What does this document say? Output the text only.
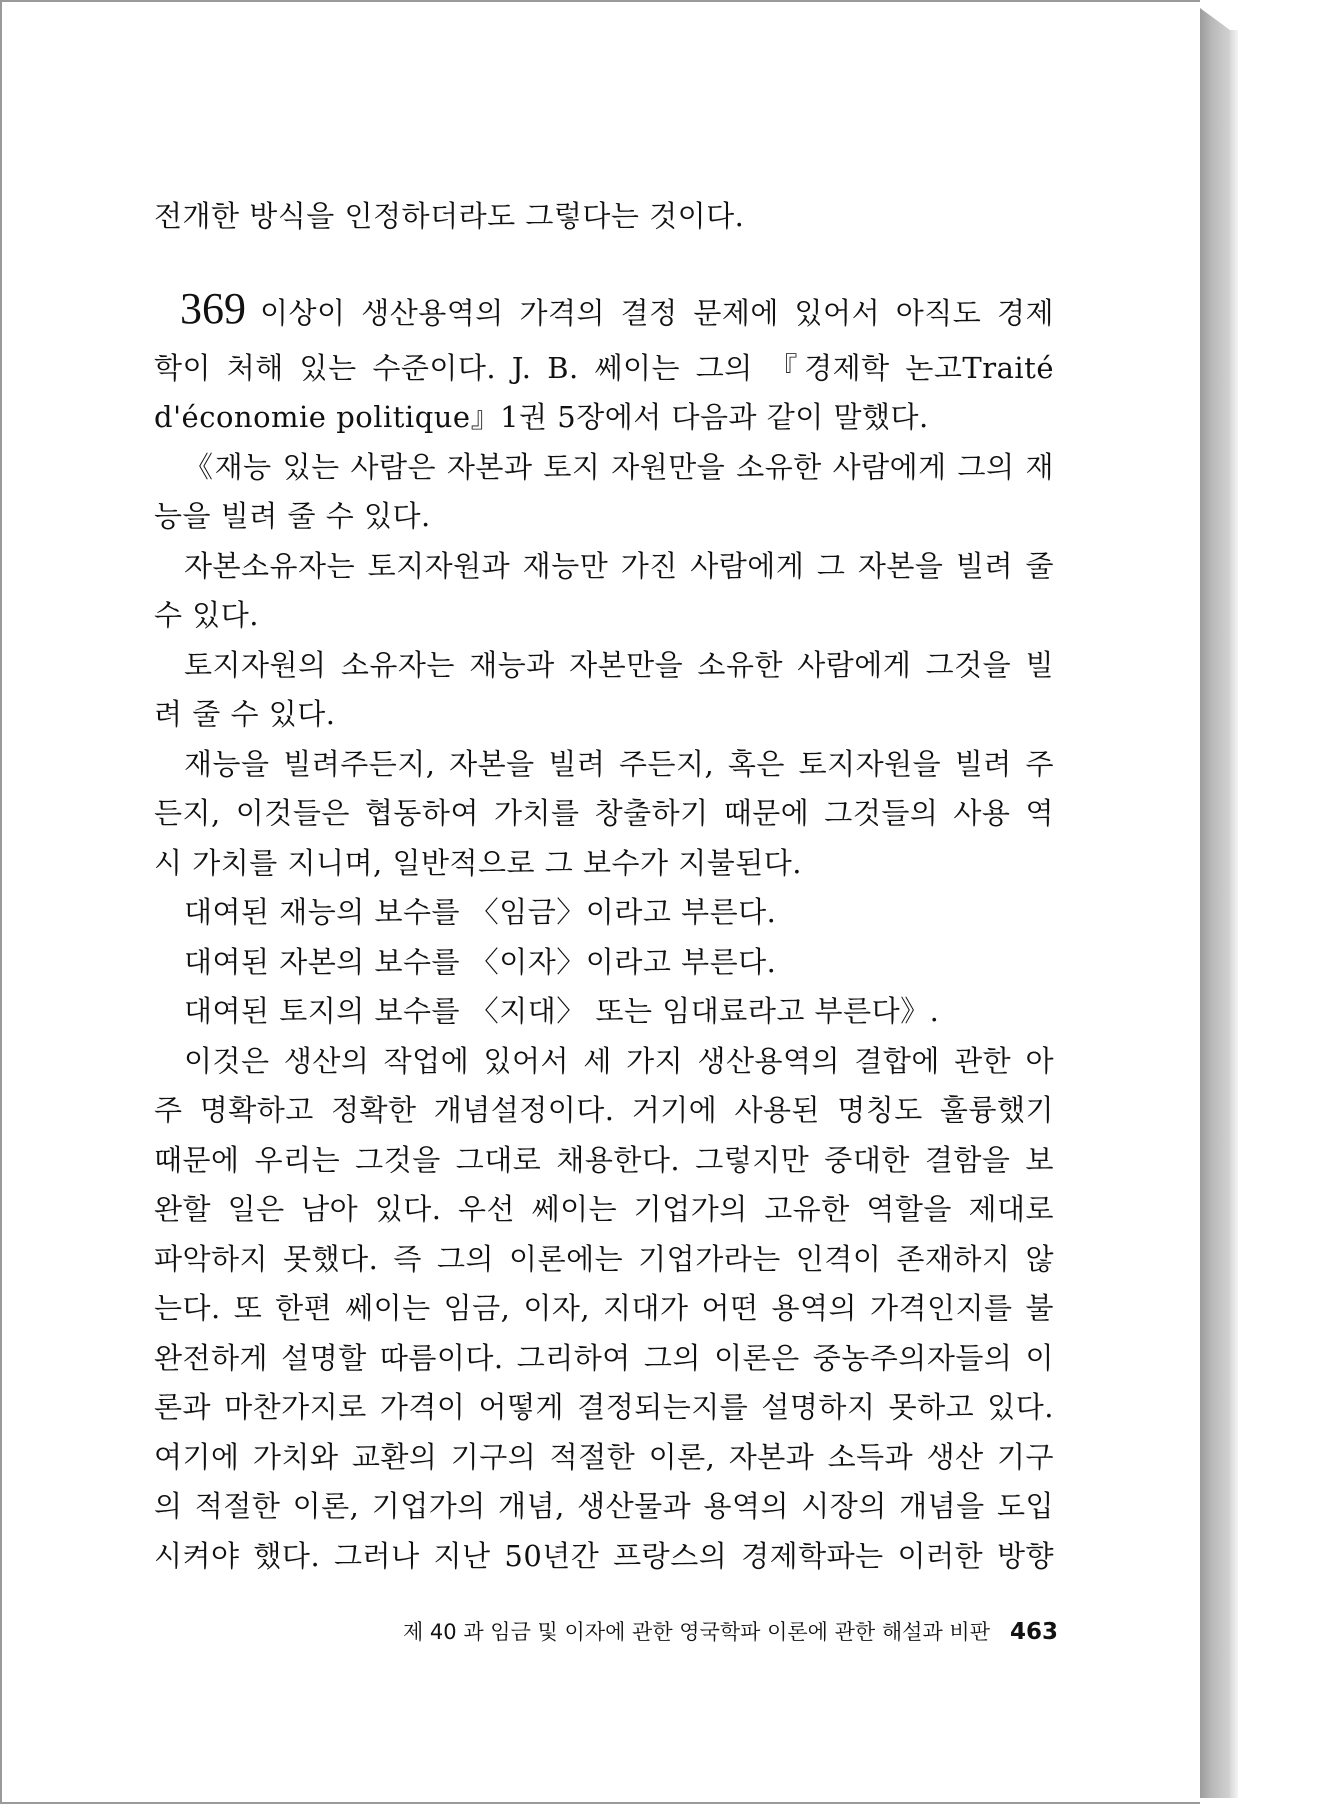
전개한 방식을 인정하더라도 그렇다는 것이다.
369 이상이 생산용역의 가격의 결정 문제에 있어서 아직도 경제
학이 처해 있는 수준이다. J. B. 쎄이는 그의 『경제학 논고Traité
d'économie politique』1권 5장에서 다음과 같이 말했다.
《재능 있는 사람은 자본과 토지 자원만을 소유한 사람에게 그의 재
능을 빌려 줄 수 있다.
자본소유자는 토지자원과 재능만 가진 사람에게 그 자본을 빌려 줄
수 있다.
토지자원의 소유자는 재능과 자본만을 소유한 사람에게 그것을 빌
려 줄 수 있다.
재능을 빌려주든지, 자본을 빌려 주든지, 혹은 토지자원을 빌려 주
든지, 이것들은 협동하여 가치를 창출하기 때문에 그것들의 사용 역
시 가치를 지니며, 일반적으로 그 보수가 지불된다.
대여된 재능의 보수를 〈임금〉이라고 부른다.
대여된 자본의 보수를 〈이자〉이라고 부른다.
대여된 토지의 보수를 〈지대〉 또는 임대료라고 부른다》.
이것은 생산의 작업에 있어서 세 가지 생산용역의 결합에 관한 아
주 명확하고 정확한 개념설정이다. 거기에 사용된 명칭도 훌륭했기
때문에 우리는 그것을 그대로 채용한다. 그렇지만 중대한 결함을 보
완할 일은 남아 있다. 우선 쎄이는 기업가의 고유한 역할을 제대로
파악하지 못했다. 즉 그의 이론에는 기업가라는 인격이 존재하지 않
는다. 또 한편 쎄이는 임금, 이자, 지대가 어떤 용역의 가격인지를 불
완전하게 설명할 따름이다. 그리하여 그의 이론은 중농주의자들의 이
론과 마찬가지로 가격이 어떻게 결정되는지를 설명하지 못하고 있다.
여기에 가치와 교환의 기구의 적절한 이론, 자본과 소득과 생산 기구
의 적절한 이론, 기업가의 개념, 생산물과 용역의 시장의 개념을 도입
시켜야 했다. 그러나 지난 50년간 프랑스의 경제학파는 이러한 방향
제 40 과 임금 및 이자에 관한 영국학파 이론에 관한 해설과 비판 463
